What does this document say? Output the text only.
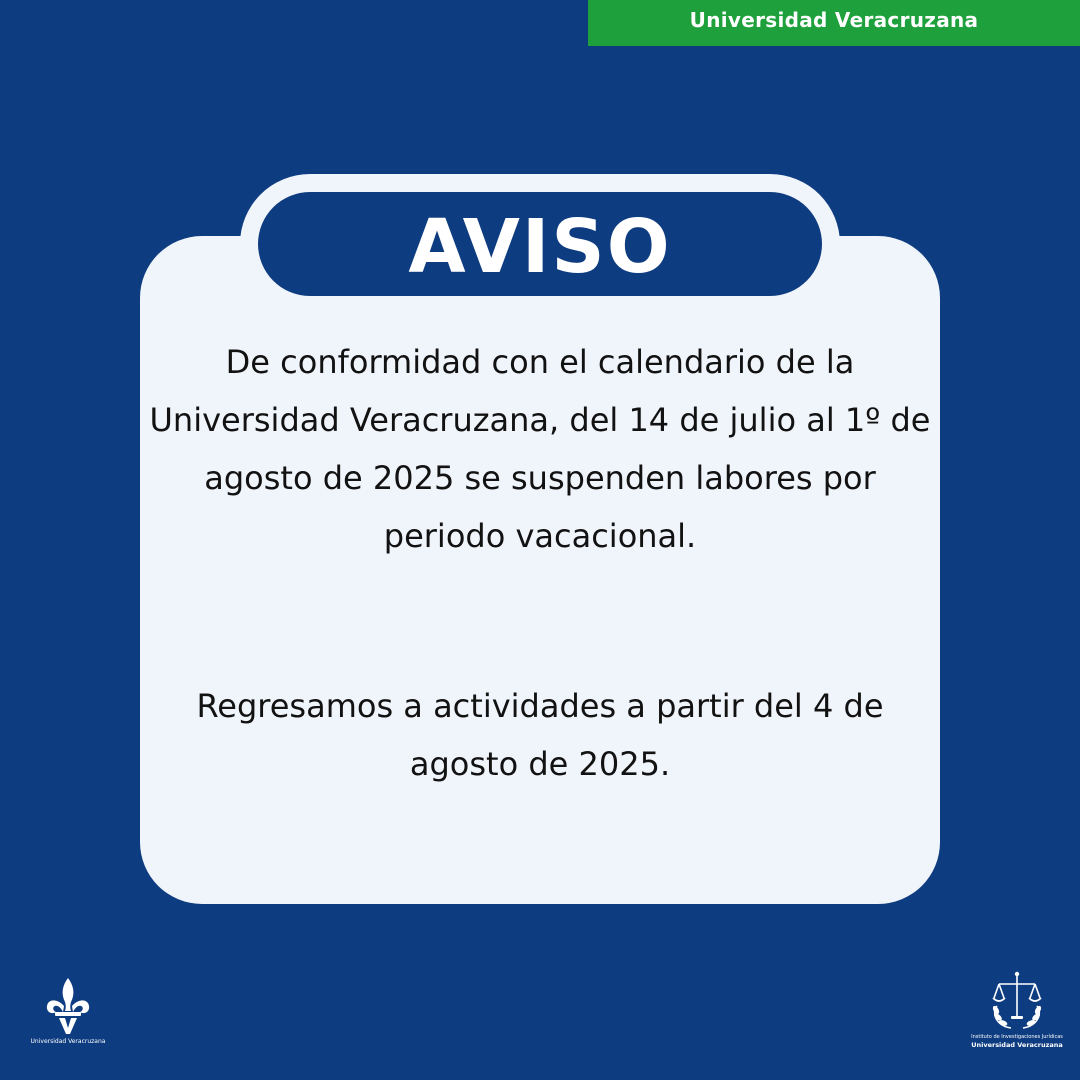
Universidad Veracruzana
AVISO

De conformidad con el calendario de la Universidad Veracruzana, del 14 de julio al 1º de agosto de 2025 se suspenden labores por periodo vacacional.

Regresamos a actividades a partir del 4 de agosto de 2025.

Universidad Veracruzana
Instituto de Investigaciones Jurídicas
Universidad Veracruzana
